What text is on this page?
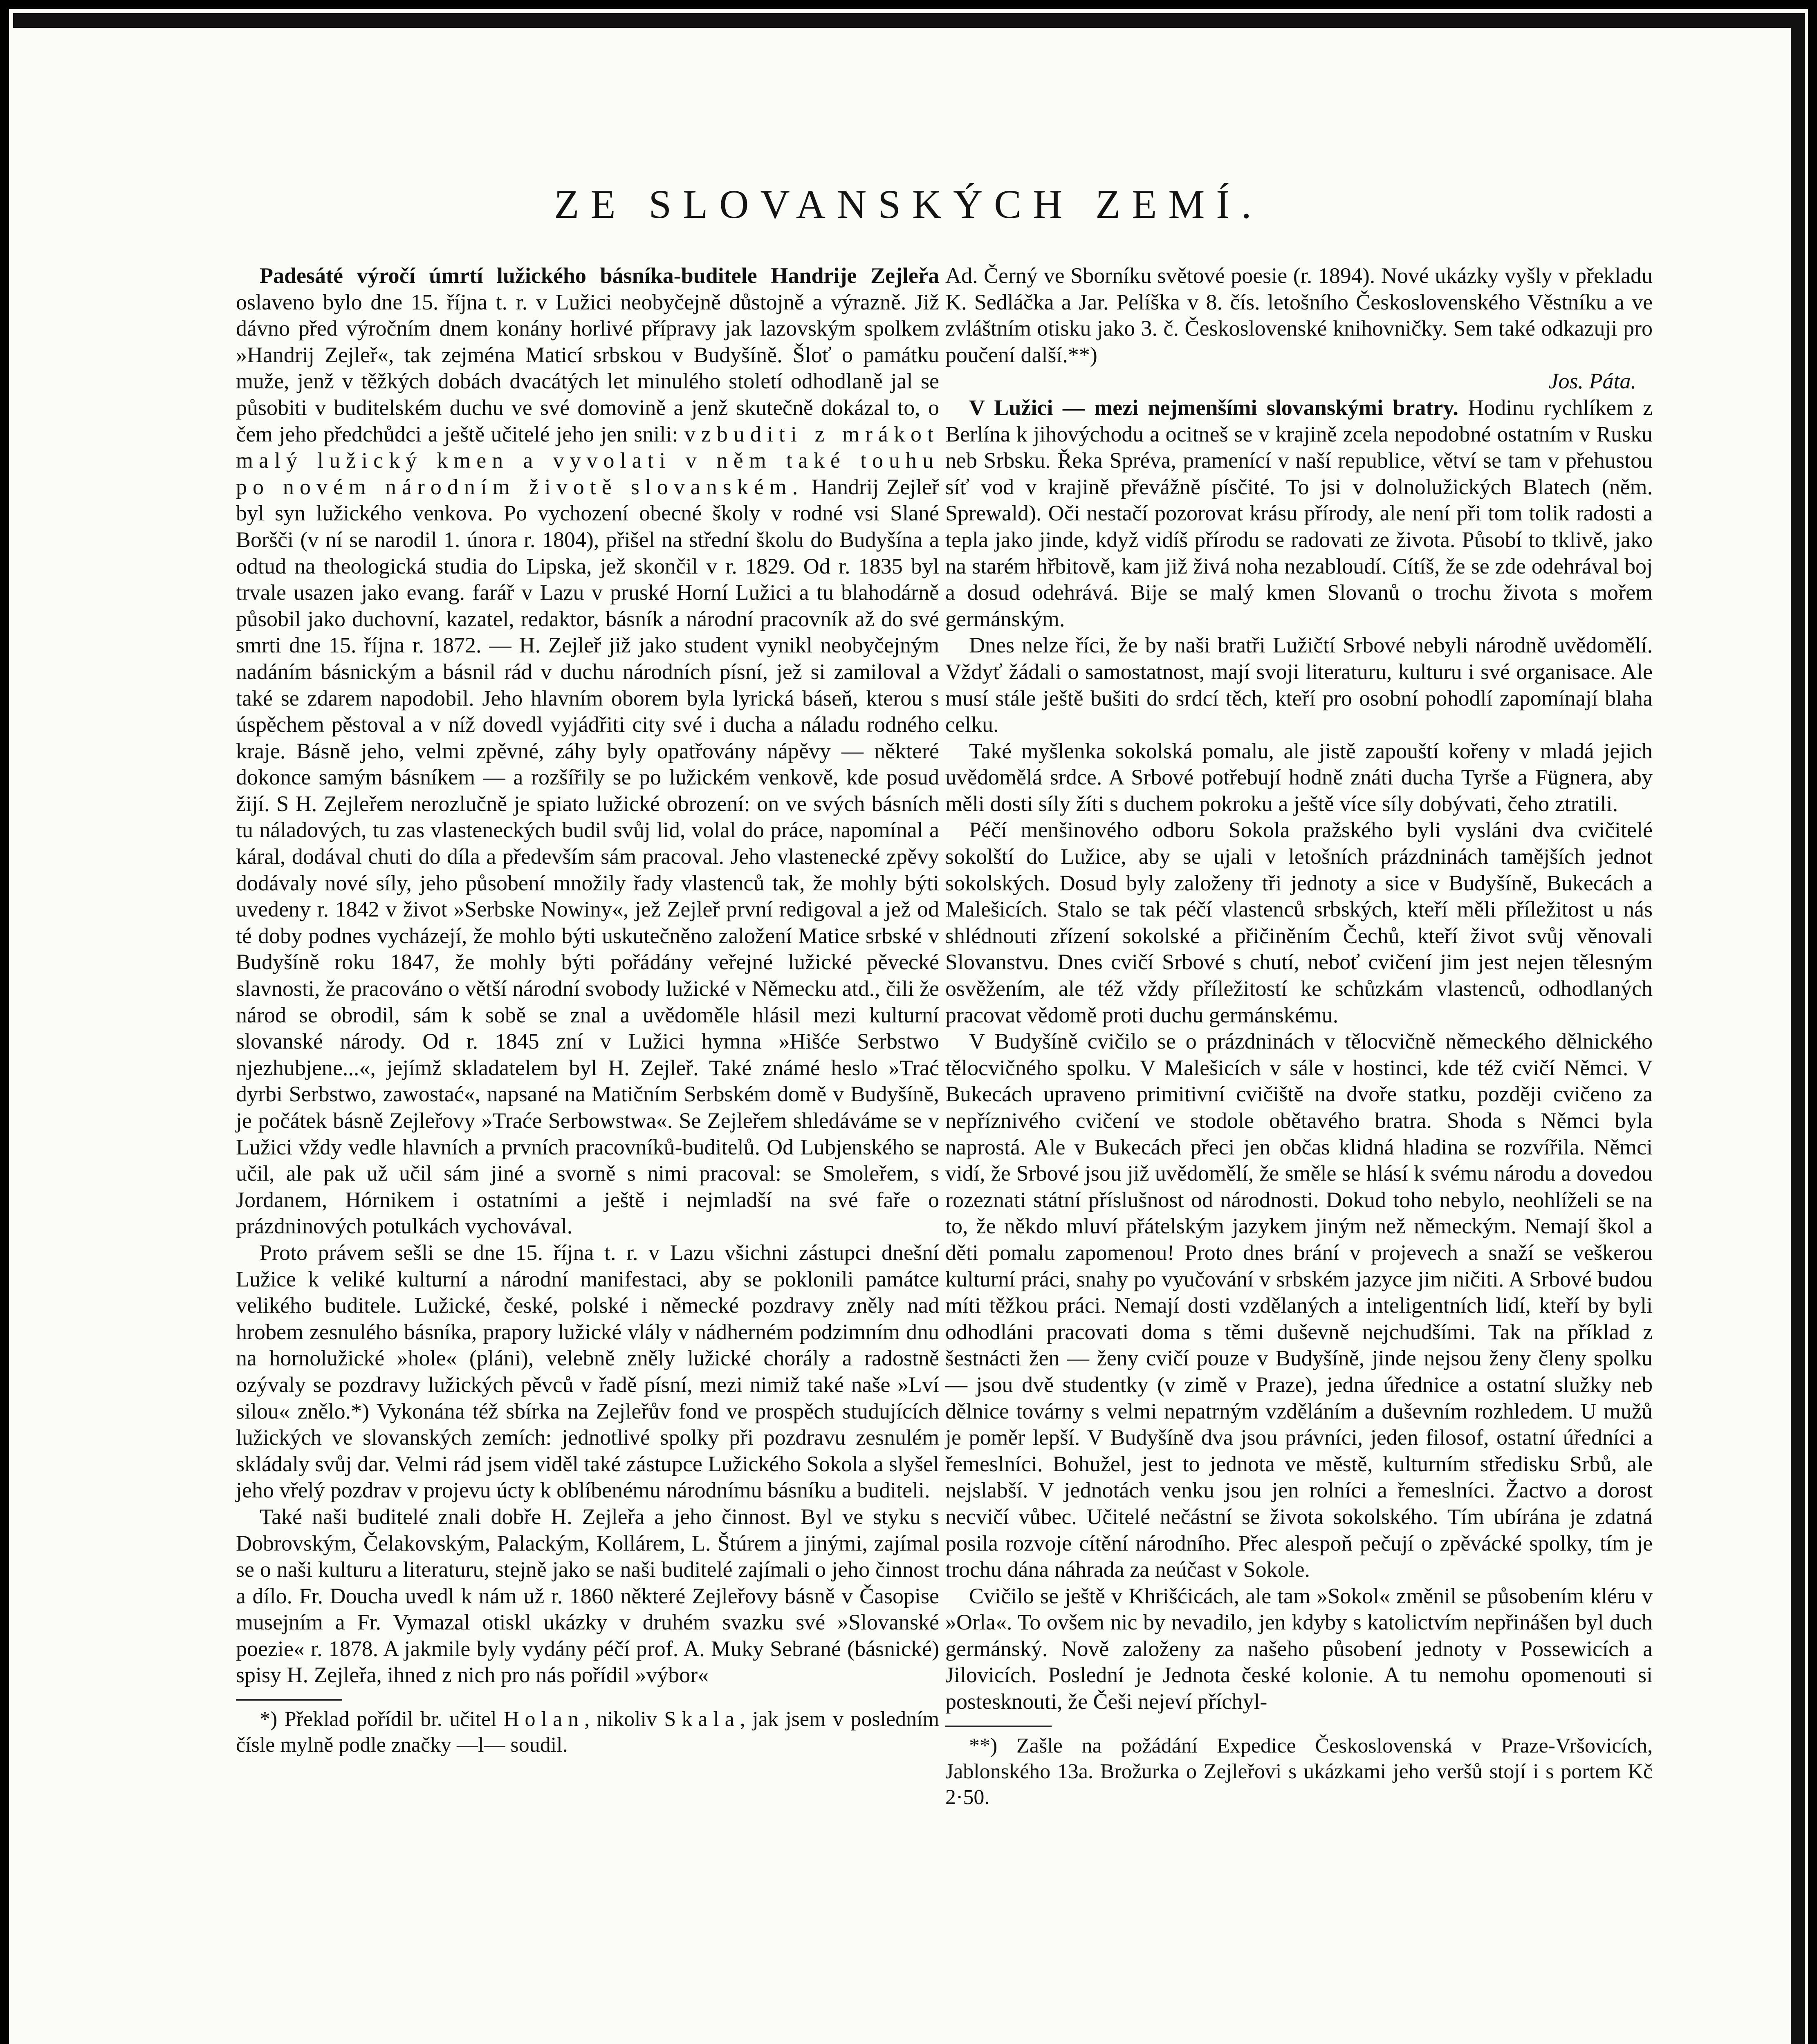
ZE SLOVANSKÝCH ZEMÍ.

Padesáté výročí úmrtí lužického básníka-buditele Handrije Zejleřa oslaveno bylo dne 15. října t. r. v Lužici neobyčejně důstojně a výrazně. Již dávno před výročním dnem konány horlivé přípravy jak lazovským spolkem »Handrij Zejleř«, tak zejména Maticí srbskou v Budyšíně. Šloť o památku muže, jenž v těžkých dobách dvacátých let minulého století odhodlaně jal se působiti v buditelském duchu ve své domovině a jenž skutečně dokázal to, o čem jeho předchůdci a ještě učitelé jeho jen snili: vzbuditi z mrákot malý lužický kmen a vyvolati v něm také touhu po novém národním životě slovanském. Handrij Zejleř byl syn lužického venkova. Po vychození obecné školy v rodné vsi Slané Boršči (v ní se narodil 1. února r. 1804), přišel na střední školu do Budyšína a odtud na theologická studia do Lipska, jež skončil v r. 1829. Od r. 1835 byl trvale usazen jako evang. farář v Lazu v pruské Horní Lužici a tu blahodárně působil jako duchovní, kazatel, redaktor, básník a národní pracovník až do své smrti dne 15. října r. 1872. — H. Zejleř již jako student vynikl neobyčejným nadáním básnickým a básnil rád v duchu národních písní, jež si zamiloval a také se zdarem napodobil. Jeho hlavním oborem byla lyrická báseň, kterou s úspěchem pěstoval a v níž dovedl vyjádřiti city své i ducha a náladu rodného kraje. Básně jeho, velmi zpěvné, záhy byly opatřovány nápěvy — některé dokonce samým básníkem — a rozšířily se po lužickém venkově, kde posud žijí. S H. Zejleřem nerozlučně je spiato lužické obrození: on ve svých básních tu náladových, tu zas vlasteneckých budil svůj lid, volal do práce, napomínal a káral, dodával chuti do díla a především sám pracoval. Jeho vlastenecké zpěvy dodávaly nové síly, jeho působení množily řady vlastenců tak, že mohly býti uvedeny r. 1842 v život »Serbske Nowiny«, jež Zejleř první redigoval a jež od té doby podnes vycházejí, že mohlo býti uskutečněno založení Matice srbské v Budyšíně roku 1847, že mohly býti pořádány veřejné lužické pěvecké slavnosti, že pracováno o větší národní svobody lužické v Německu atd., čili že národ se obrodil, sám k sobě se znal a uvědoměle hlásil mezi kulturní slovanské národy. Od r. 1845 zní v Lužici hymna »Hišće Serbstwo njezhubjene...«, jejímž skladatelem byl H. Zejleř. Také známé heslo »Trać dyrbi Serbstwo, zawostać«, napsané na Matičním Serbském domě v Budyšíně, je počátek básně Zejleřovy »Trаće Serbowstwa«. Se Zejleřem shledáváme se v Lužici vždy vedle hlavních a prvních pracovníků-buditelů. Od Lubjenského se učil, ale pak už učil sám jiné a svorně s nimi pracoval: se Smoleřem, s Jordanem, Hórnikem i ostatními a ještě i nejmladší na své faře o prázdninových potulkách vychovával.

Proto právem sešli se dne 15. října t. r. v Lazu všichni zástupci dnešní Lužice k veliké kulturní a národní manifestaci, aby se poklonili památce velikého buditele. Lužické, české, polské i německé pozdravy zněly nad hrobem zesnulého básníka, prapory lužické vlály v nádherném podzimním dnu na hornolužické »hole« (pláni), velebně zněly lužické chorály a radostně ozývaly se pozdravy lužických pěvců v řadě písní, mezi nimiž také naše »Lví silou« znělo.*) Vykonána též sbírka na Zejleřův fond ve prospěch studujících lužických ve slovanských zemích: jednotlivé spolky při pozdravu zesnulém skládaly svůj dar. Velmi rád jsem viděl také zástupce Lužického Sokola a slyšel jeho vřelý pozdrav v projevu úcty k oblíbenému národnímu básníku a buditeli.

Také naši buditelé znali dobře H. Zejleřa a jeho činnost. Byl ve styku s Dobrovským, Čelakovským, Palackým, Kollárem, L. Štúrem a jinými, zajímal se o naši kulturu a literaturu, stejně jako se naši buditelé zajímali o jeho činnost a dílo. Fr. Doucha uvedl k nám už r. 1860 některé Zejleřovy básně v Časopise musejním a Fr. Vymazal otiskl ukázky v druhém svazku své »Slovanské poezie« r. 1878. A jakmile byly vydány péčí prof. A. Muky Sebrané (básnické) spisy H. Zejleřa, ihned z nich pro nás pořídil »výbor«

*) Překlad pořídil br. učitel Holan, nikoliv Skala, jak jsem v posledním čísle mylně podle značky —l— soudil.

Ad. Černý ve Sborníku světové poesie (r. 1894). Nové ukázky vyšly v překladu K. Sedláčka a Jar. Pelíška v 8. čís. letošního Československého Věstníku a ve zvláštním otisku jako 3. č. Československé knihovničky. Sem také odkazuji pro poučení další.**)
Jos. Páta.

V Lužici — mezi nejmenšími slovanskými bratry. Hodinu rychlíkem z Berlína k jihovýchodu a ocitneš se v krajině zcela nepodobné ostatním v Rusku neb Srbsku. Řeka Spréva, pramenící v naší republice, větví se tam v přehustou síť vod v krajině převážně písčité. To jsi v dolnolužických Blatech (něm. Sprewald). Oči nestačí pozorovat krásu přírody, ale není při tom tolik radosti a tepla jako jinde, když vidíš přírodu se radovati ze života. Působí to tklivě, jako na starém hřbitově, kam již živá noha nezabloudí. Cítíš, že se zde odehrával boj a dosud odehrává. Bije se malý kmen Slovanů o trochu života s mořem germánským.

Dnes nelze říci, že by naši bratři Lužičtí Srbové nebyli národně uvědomělí. Vždyť žádali o samostatnost, mají svoji literaturu, kulturu i své organisace. Ale musí stále ještě bušiti do srdcí těch, kteří pro osobní pohodlí zapomínají blaha celku.

Také myšlenka sokolská pomalu, ale jistě zapouští kořeny v mladá jejich uvědomělá srdce. A Srbové potřebují hodně znáti ducha Tyrše a Fügnera, aby měli dosti síly žíti s duchem pokroku a ještě více síly dobývati, čeho ztratili.

Péčí menšinového odboru Sokola pražského byli vysláni dva cvičitelé sokolští do Lužice, aby se ujali v letošních prázdninách tamějších jednot sokolských. Dosud byly založeny tři jednoty a sice v Budyšíně, Bukecách a Malešicích. Stalo se tak péčí vlastenců srbských, kteří měli příležitost u nás shlédnouti zřízení sokolské a přičiněním Čechů, kteří život svůj věnovali Slovanstvu. Dnes cvičí Srbové s chutí, neboť cvičení jim jest nejen tělesným osvěžením, ale též vždy příležitostí ke schůzkám vlastenců, odhodlaných pracovat vědomě proti duchu germánskému.

V Budyšíně cvičilo se o prázdninách v tělocvičně německého dělnického tělocvičného spolku. V Malešicích v sále v hostinci, kde též cvičí Němci. V Bukecách upraveno primitivní cvičiště na dvoře statku, později cvičeno za nepříznivého cvičení ve stodole obětavého bratra. Shoda s Němci byla naprostá. Ale v Bukecách přeci jen občas klidná hladina se rozvířila. Němci vidí, že Srbové jsou již uvědomělí, že směle se hlásí k svému národu a dovedou rozeznati státní příslušnost od národnosti. Dokud toho nebylo, neohlíželi se na to, že někdo mluví přátelským jazykem jiným než německým. Nemají škol a děti pomalu zapomenou! Proto dnes brání v projevech a snaží se veškerou kulturní práci, snahy po vyučování v srbském jazyce jim ničiti. A Srbové budou míti těžkou práci. Nemají dosti vzdělaných a inteligentních lidí, kteří by byli odhodláni pracovati doma s těmi duševně nejchudšími. Tak na příklad z šestnácti žen — ženy cvičí pouze v Budyšíně, jinde nejsou ženy členy spolku — jsou dvě studentky (v zimě v Praze), jedna úřednice a ostatní služky neb dělnice továrny s velmi nepatrným vzděláním a duševním rozhledem. U mužů je poměr lepší. V Budyšíně dva jsou právníci, jeden filosof, ostatní úředníci a řemeslníci. Bohužel, jest to jednota ve městě, kulturním středisku Srbů, ale nejslabší. V jednotách venku jsou jen rolníci a řemeslníci. Žactvo a dorost necvičí vůbec. Učitelé nečástní se života sokolského. Tím ubírána je zdatná posila rozvoje cítění národního. Přec alespoň pečují o zpěvácké spolky, tím je trochu dána náhrada za neúčast v Sokole.

Cvičilo se ještě v Khrišćicách, ale tam »Sokol« změnil se působením kléru v »Orla«. To ovšem nic by nevadilo, jen kdyby s katolictvím nepřinášen byl duch germánský. Nově založeny za našeho působení jednoty v Possewicích a Jilovicích. Poslední je Jednota české kolonie. A tu nemohu opomenouti si postesknouti, že Češi nejeví příchyl-

**) Zašle na požádání Expedice Československá v Praze-Vršovicích, Jablonského 13a. Brožurka o Zejleřovi s ukázkami jeho veršů stojí i s portem Kč 2·50.
